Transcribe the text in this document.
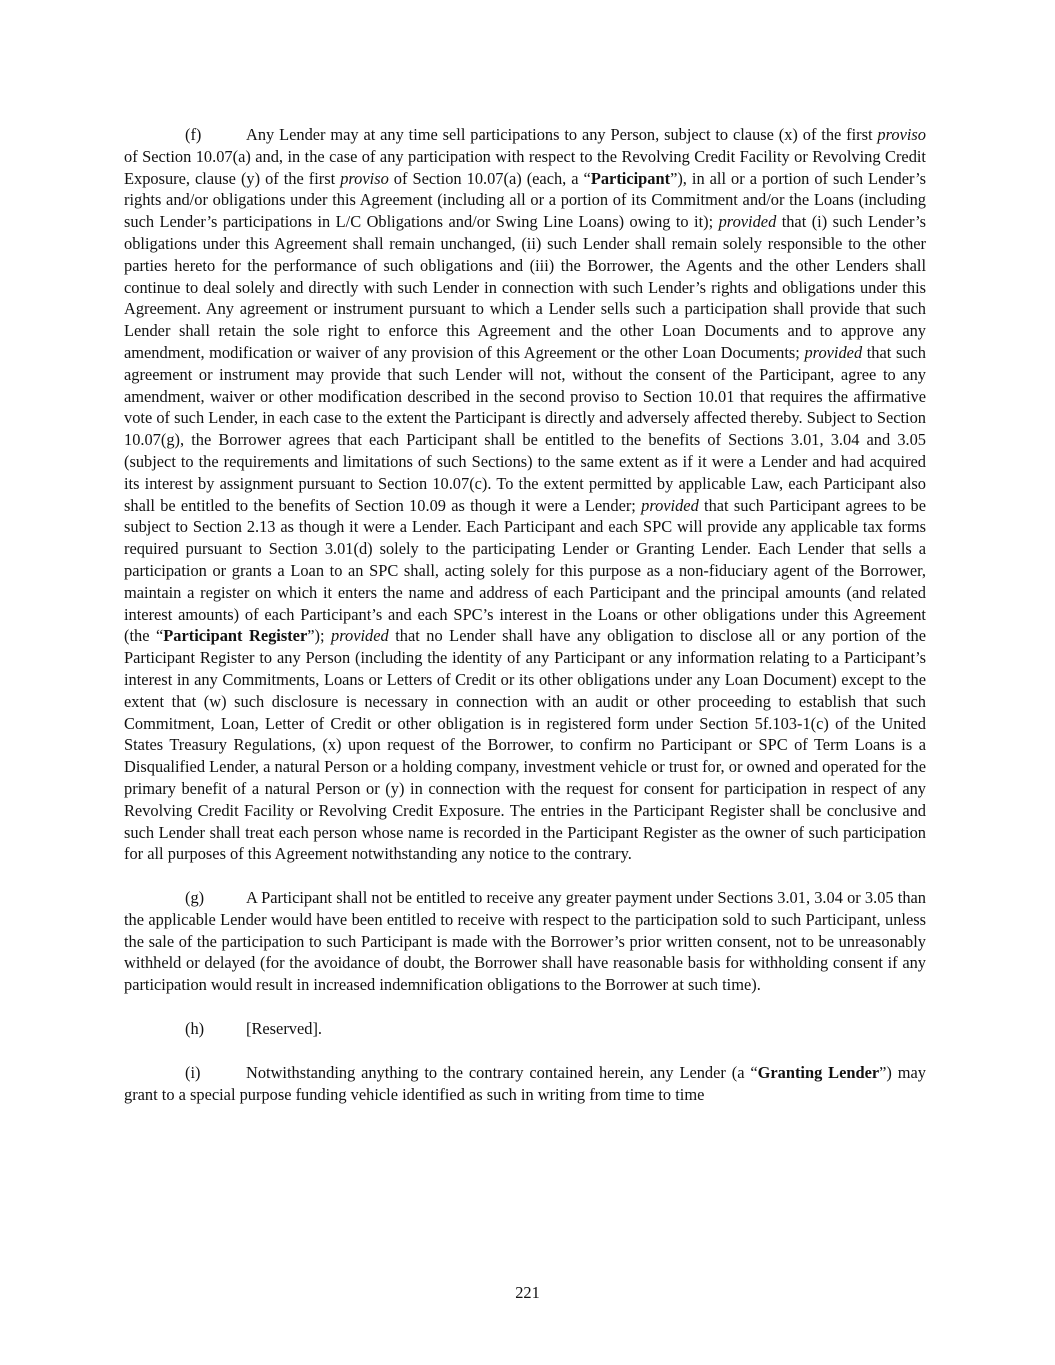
(f)	Any Lender may at any time sell participations to any Person, subject to clause (x) of the first proviso of Section 10.07(a) and, in the case of any participation with respect to the Revolving Credit Facility or Revolving Credit Exposure, clause (y) of the first proviso of Section 10.07(a) (each, a “Participant”), in all or a portion of such Lender’s rights and/or obligations under this Agreement (including all or a portion of its Commitment and/or the Loans (including such Lender’s participations in L/C Obligations and/or Swing Line Loans) owing to it); provided that (i) such Lender’s obligations under this Agreement shall remain unchanged, (ii) such Lender shall remain solely responsible to the other parties hereto for the performance of such obligations and (iii) the Borrower, the Agents and the other Lenders shall continue to deal solely and directly with such Lender in connection with such Lender’s rights and obligations under this Agreement. Any agreement or instrument pursuant to which a Lender sells such a participation shall provide that such Lender shall retain the sole right to enforce this Agreement and the other Loan Documents and to approve any amendment, modification or waiver of any provision of this Agreement or the other Loan Documents; provided that such agreement or instrument may provide that such Lender will not, without the consent of the Participant, agree to any amendment, waiver or other modification described in the second proviso to Section 10.01 that requires the affirmative vote of such Lender, in each case to the extent the Participant is directly and adversely affected thereby. Subject to Section 10.07(g), the Borrower agrees that each Participant shall be entitled to the benefits of Sections 3.01, 3.04 and 3.05 (subject to the requirements and limitations of such Sections) to the same extent as if it were a Lender and had acquired its interest by assignment pursuant to Section 10.07(c). To the extent permitted by applicable Law, each Participant also shall be entitled to the benefits of Section 10.09 as though it were a Lender; provided that such Participant agrees to be subject to Section 2.13 as though it were a Lender. Each Participant and each SPC will provide any applicable tax forms required pursuant to Section 3.01(d) solely to the participating Lender or Granting Lender. Each Lender that sells a participation or grants a Loan to an SPC shall, acting solely for this purpose as a non-fiduciary agent of the Borrower, maintain a register on which it enters the name and address of each Participant and the principal amounts (and related interest amounts) of each Participant’s and each SPC’s interest in the Loans or other obligations under this Agreement (the “Participant Register”); provided that no Lender shall have any obligation to disclose all or any portion of the Participant Register to any Person (including the identity of any Participant or any information relating to a Participant’s interest in any Commitments, Loans or Letters of Credit or its other obligations under any Loan Document) except to the extent that (w) such disclosure is necessary in connection with an audit or other proceeding to establish that such Commitment, Loan, Letter of Credit or other obligation is in registered form under Section 5f.103-1(c) of the United States Treasury Regulations, (x) upon request of the Borrower, to confirm no Participant or SPC of Term Loans is a Disqualified Lender, a natural Person or a holding company, investment vehicle or trust for, or owned and operated for the primary benefit of a natural Person or (y) in connection with the request for consent for participation in respect of any Revolving Credit Facility or Revolving Credit Exposure. The entries in the Participant Register shall be conclusive and such Lender shall treat each person whose name is recorded in the Participant Register as the owner of such participation for all purposes of this Agreement notwithstanding any notice to the contrary.

(g)	A Participant shall not be entitled to receive any greater payment under Sections 3.01, 3.04 or 3.05 than the applicable Lender would have been entitled to receive with respect to the participation sold to such Participant, unless the sale of the participation to such Participant is made with the Borrower’s prior written consent, not to be unreasonably withheld or delayed (for the avoidance of doubt, the Borrower shall have reasonable basis for withholding consent if any participation would result in increased indemnification obligations to the Borrower at such time).

(h)	[Reserved].

(i)	Notwithstanding anything to the contrary contained herein, any Lender (a “Granting Lender”) may grant to a special purpose funding vehicle identified as such in writing from time to time

221
